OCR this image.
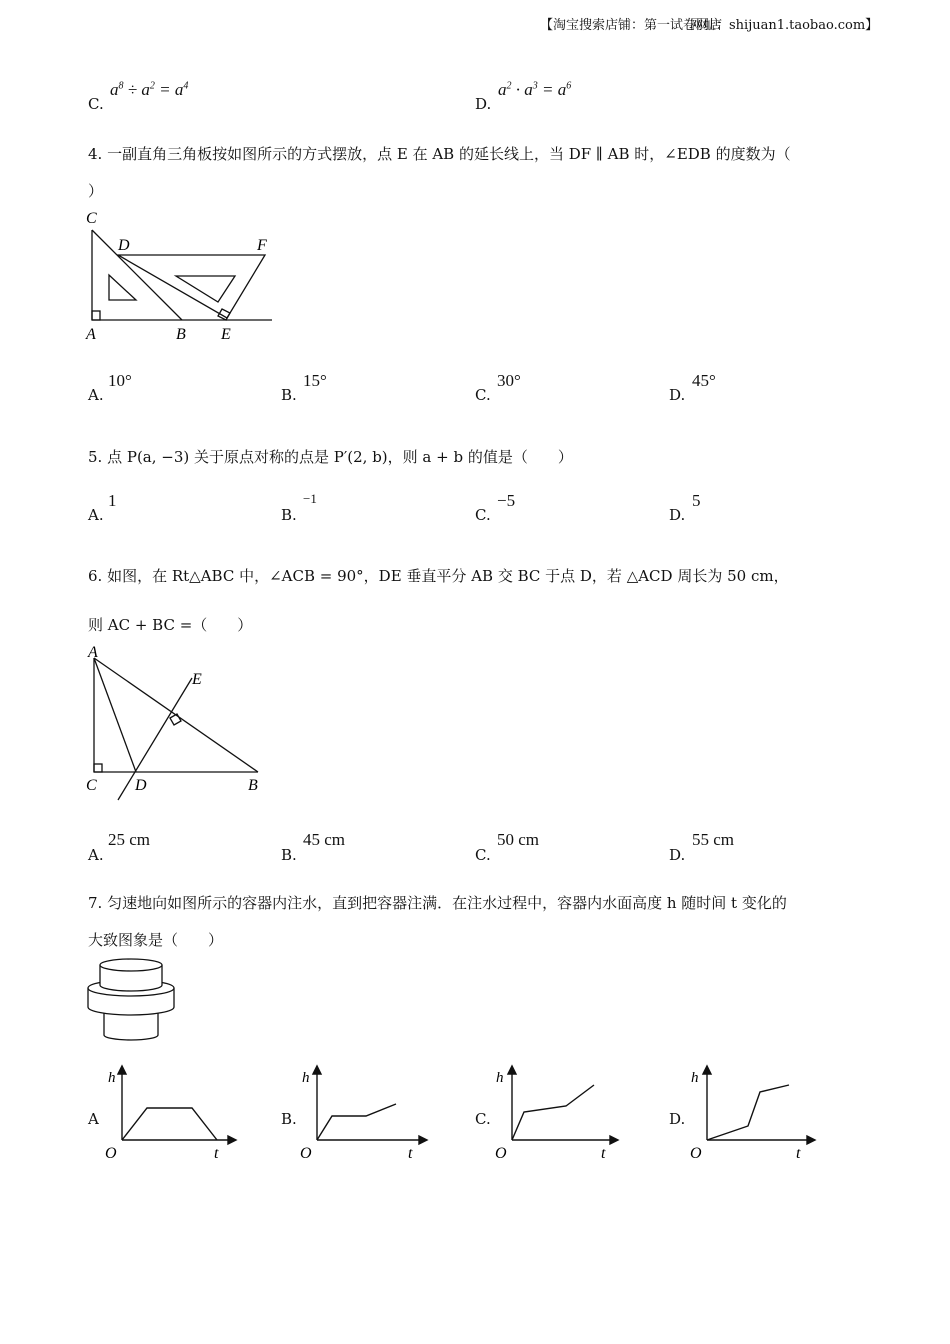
【淘宝搜索店铺：第一试卷网店
网址：shijuan1.taobao.com】
C.
$a^8 \div a^2 = a^4$
D.
$a^2 \cdot a^3 = a^6$
4. 一副直角三角板按如图所示的方式摆放，点 E 在 AB 的延长线上，当 DF ∥ AB 时，∠EDB 的度数为（
）
C
D	F
A	B E
A.
10°
B.
15°
C.
30°
D.
45°
5. 点 P(a, −3) 关于原点对称的点是 P′(2, b)，则 a + b 的值是（　　）
A.
1
B.
−1
C.
−5
D.
5
6. 如图，在 Rt△ABC 中，∠ACB = 90°，DE 垂直平分 AB 交 BC 于点 D，若 △ACD 周长为 50 cm，
则 AC + BC =（　　）
A
E
C D	B
A.
25 cm
B.
45 cm
C.
50 cm
D.
55 cm
7. 匀速地向如图所示的容器内注水，直到把容器注满．在注水过程中，容器内水面高度 h 随时间 t 变化的
大致图象是（　　）
A
h
O	t
B.
h
O	t
C.
h
O	t
D.
h
O	t
